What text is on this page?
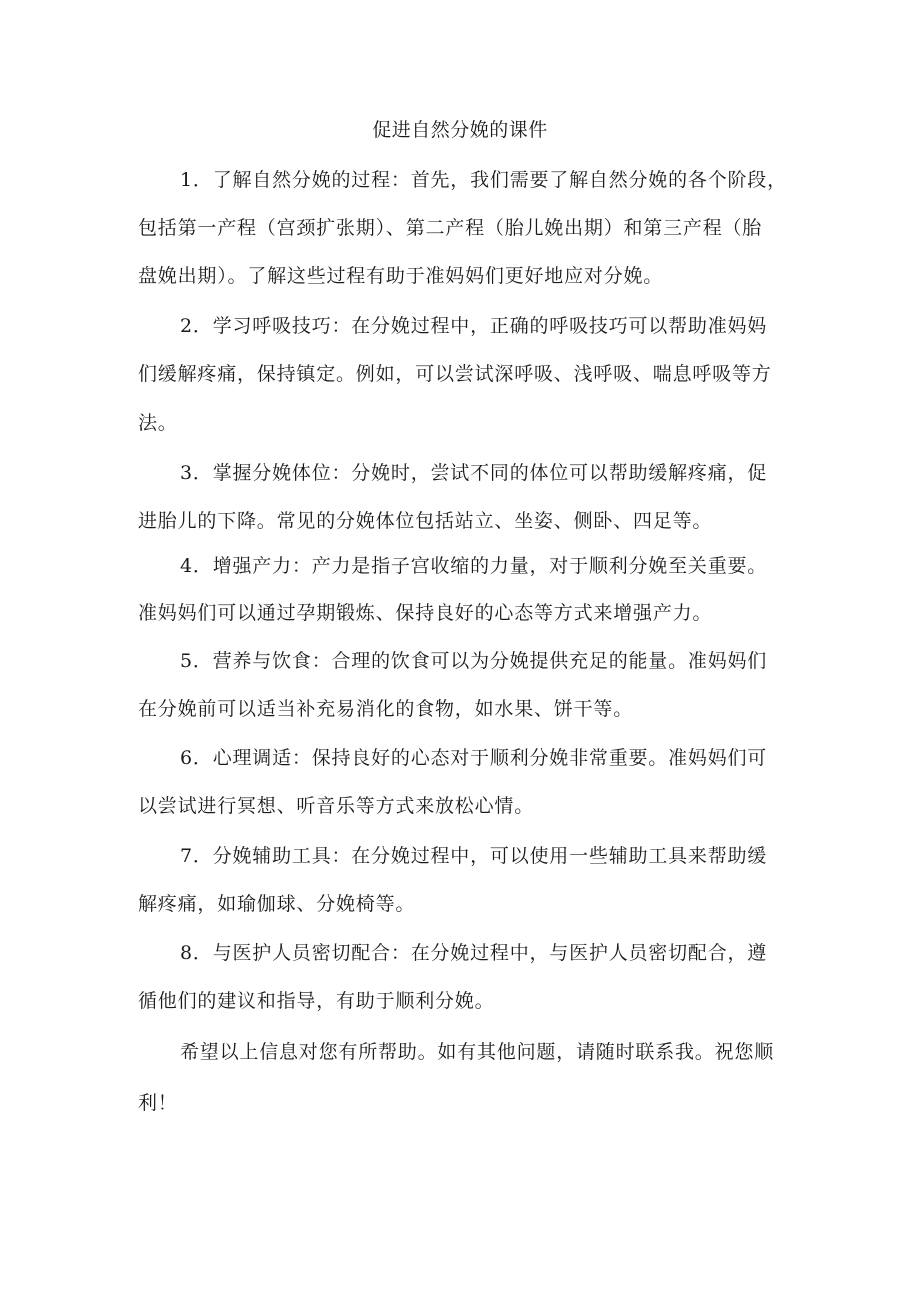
促进自然分娩的课件

1．了解自然分娩的过程：首先，我们需要了解自然分娩的各个阶段，

包括第一产程（宫颈扩张期）、第二产程（胎儿娩出期）和第三产程（胎

盘娩出期）。了解这些过程有助于准妈妈们更好地应对分娩。

2．学习呼吸技巧：在分娩过程中，正确的呼吸技巧可以帮助准妈妈

们缓解疼痛，保持镇定。例如，可以尝试深呼吸、浅呼吸、喘息呼吸等方

法。

3．掌握分娩体位：分娩时，尝试不同的体位可以帮助缓解疼痛，促

进胎儿的下降。常见的分娩体位包括站立、坐姿、侧卧、四足等。

4．增强产力：产力是指子宫收缩的力量，对于顺利分娩至关重要。

准妈妈们可以通过孕期锻炼、保持良好的心态等方式来增强产力。

5．营养与饮食：合理的饮食可以为分娩提供充足的能量。准妈妈们

在分娩前可以适当补充易消化的食物，如水果、饼干等。

6．心理调适：保持良好的心态对于顺利分娩非常重要。准妈妈们可

以尝试进行冥想、听音乐等方式来放松心情。

7．分娩辅助工具：在分娩过程中，可以使用一些辅助工具来帮助缓

解疼痛，如瑜伽球、分娩椅等。

8．与医护人员密切配合：在分娩过程中，与医护人员密切配合，遵

循他们的建议和指导，有助于顺利分娩。

希望以上信息对您有所帮助。如有其他问题，请随时联系我。祝您顺

利！
